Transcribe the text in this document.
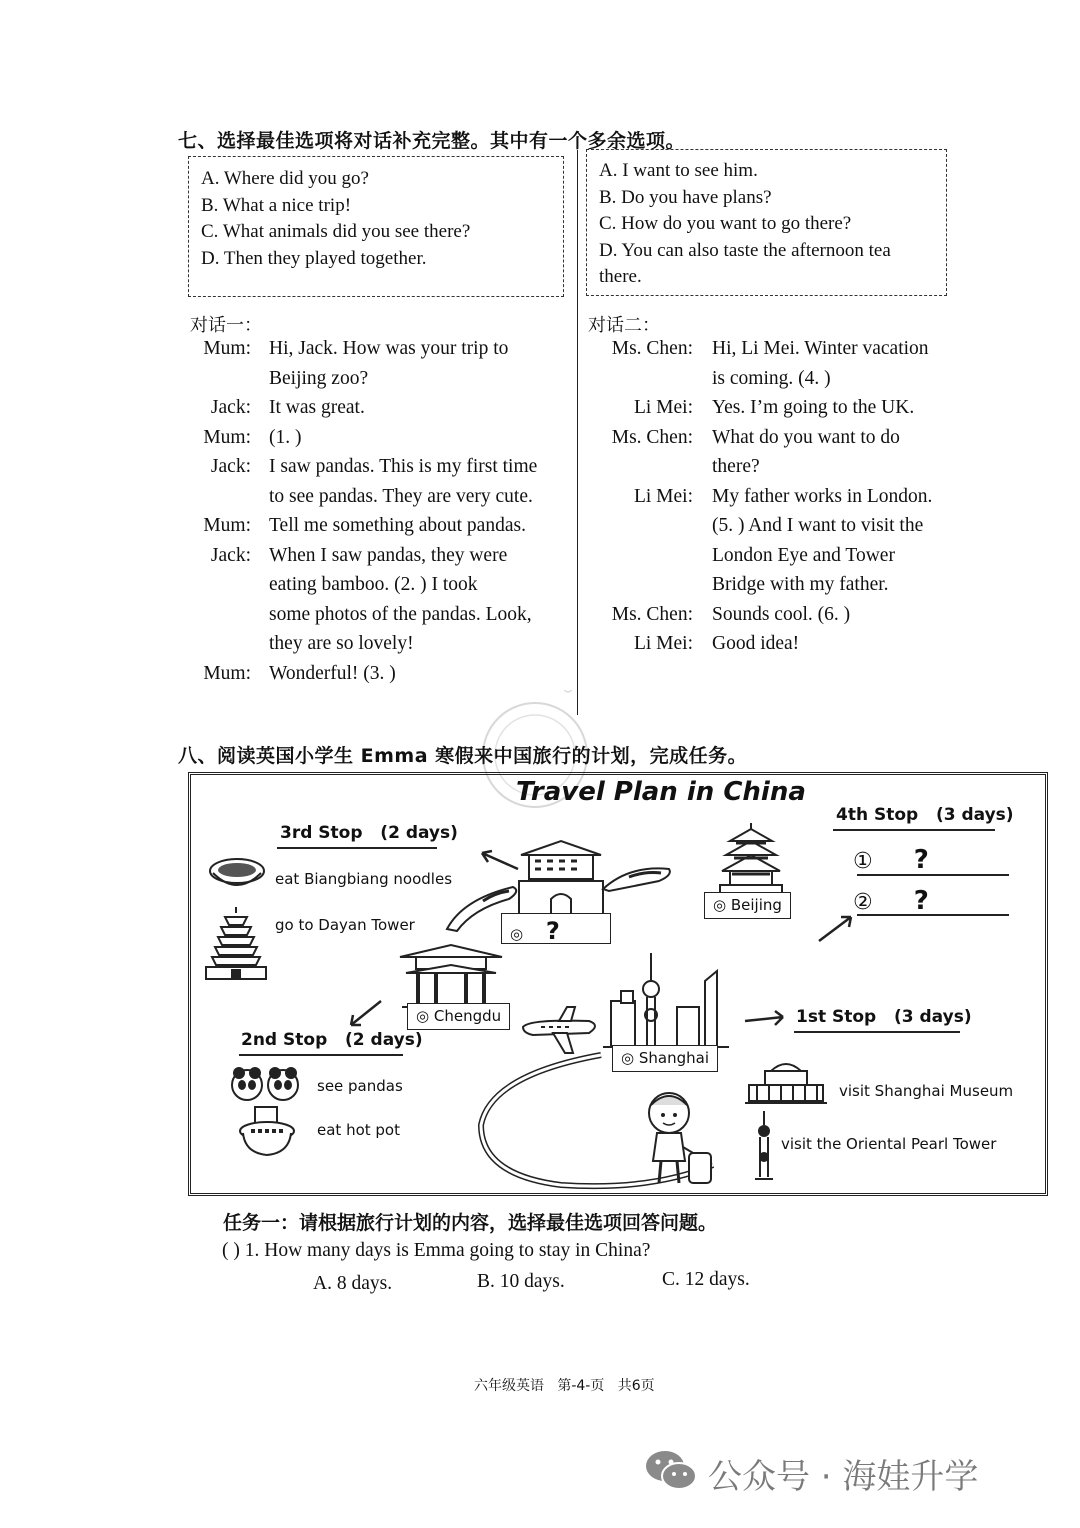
七、选择最佳选项将对话补充完整。其中有一个多余选项。
A. Where did you go?
B. What a nice trip!
C. What animals did you see there?
D. Then they played together.
A. I want to see him.
B. Do you have plans?
C. How do you want to go there?
D. You can also taste the afternoon tea
there.
对话一：
Mum: Hi, Jack. How was your trip to
Beijing zoo?
Jack: It was great.
Mum: (1. )
Jack: I saw pandas. This is my first time
to see pandas. They are very cute.
Mum: Tell me something about pandas.
Jack: When I saw pandas, they were
eating bamboo. (2. ) I took
some photos of the pandas. Look,
they are so lovely!
Mum: Wonderful! (3. )
对话二：
Ms. Chen: Hi, Li Mei. Winter vacation
is coming. (4. )
Li Mei: Yes. I’m going to the UK.
Ms. Chen: What do you want to do
there?
Li Mei: My father works in London.
(5. ) And I want to visit the
London Eye and Tower
Bridge with my father.
Ms. Chen: Sounds cool. (6. )
Li Mei: Good idea!
八、阅读英国小学生 Emma 寒假来中国旅行的计划，完成任务。
Travel Plan in China
3rd Stop (2 days)
eat Biangbiang noodles
go to Dayan Tower	◎ ?
◎ Beijing
4th Stop (3 days)
① ?
② ?
◎ Chengdu
2nd Stop (2 days)
see pandas
eat hot pot
◎ Shanghai
1st Stop (3 days)
visit Shanghai Museum
visit the Oriental Pearl Tower
任务一：请根据旅行计划的内容，选择最佳选项回答问题。
( ) 1. How many days is Emma going to stay in China?
A. 8 days.	B. 10 days.	C. 12 days.
六年级英语   第-4-页   共6页
公众号 · 海娃升学
